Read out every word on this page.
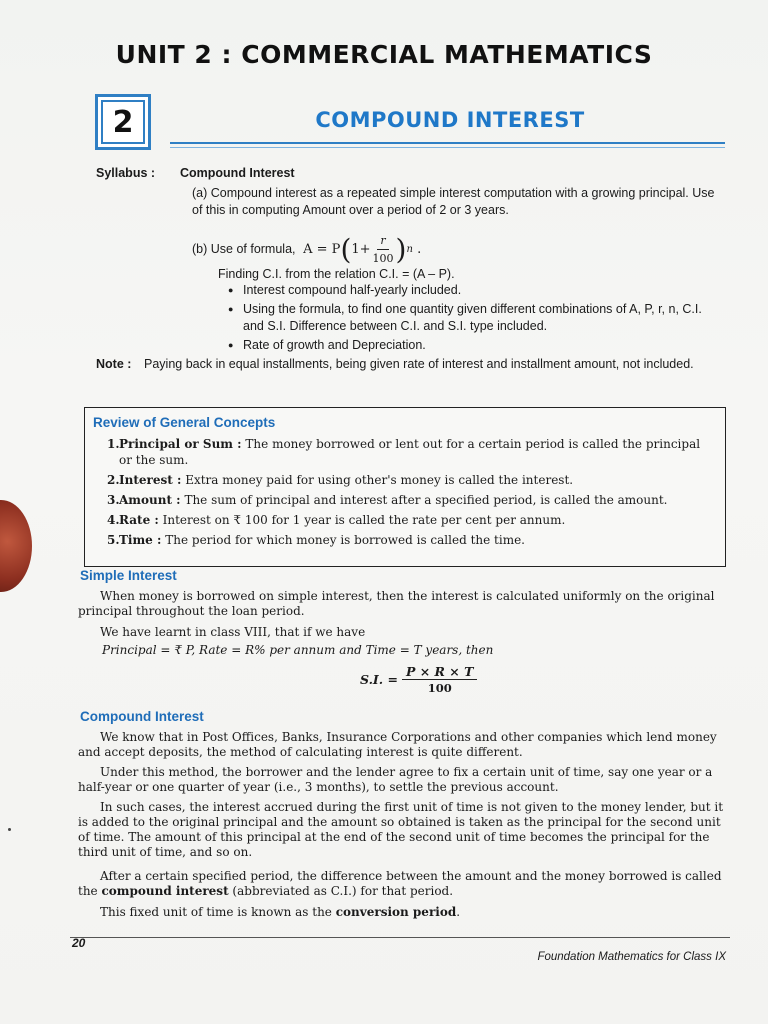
UNIT 2 : COMMERCIAL MATHEMATICS
2	COMPOUND INTEREST
Syllabus : Compound Interest
(a) Compound interest as a repeated simple interest computation with a growing principal. Use of this in computing Amount over a period of 2 or 3 years.
(b) Use of formula, A = P ( $1+ \frac{r}{100}$ ) n .
Finding C.I. from the relation C.I. = (A – P).
● Interest compound half-yearly included.
● Using the formula, to find one quantity given different combinations of A, P, r, n, C.I. and S.I. Difference between C.I. and S.I. type included.
● Rate of growth and Depreciation.
Note : Paying back in equal installments, being given rate of interest and installment amount, not included.
Review of General Concepts
1. Principal or Sum : The money borrowed or lent out for a certain period is called the principal or the sum.
2. Interest : Extra money paid for using other's money is called the interest.
3. Amount : The sum of principal and interest after a specified period, is called the amount.
4. Rate : Interest on ₹ 100 for 1 year is called the rate per cent per annum.
5. Time : The period for which money is borrowed is called the time.
Simple Interest
When money is borrowed on simple interest, then the interest is calculated uniformly on the original principal throughout the loan period.
We have learnt in class VIII, that if we have
Principal = ₹ P, Rate = R% per annum and Time = T years, then
S.I. = $\frac{P \times R \times T}{100}$
Compound Interest
We know that in Post Offices, Banks, Insurance Corporations and other companies which lend money and accept deposits, the method of calculating interest is quite different.
Under this method, the borrower and the lender agree to fix a certain unit of time, say one year or a half-year or one quarter of year (i.e., 3 months), to settle the previous account.
In such cases, the interest accrued during the first unit of time is not given to the money lender, but it is added to the original principal and the amount so obtained is taken as the principal for the second unit of time. The amount of this principal at the end of the second unit of time becomes the principal for the third unit of time, and so on.
After a certain specified period, the difference between the amount and the money borrowed is called the compound interest (abbreviated as C.I.) for that period.
This fixed unit of time is known as the conversion period.
20
Foundation Mathematics for Class IX
